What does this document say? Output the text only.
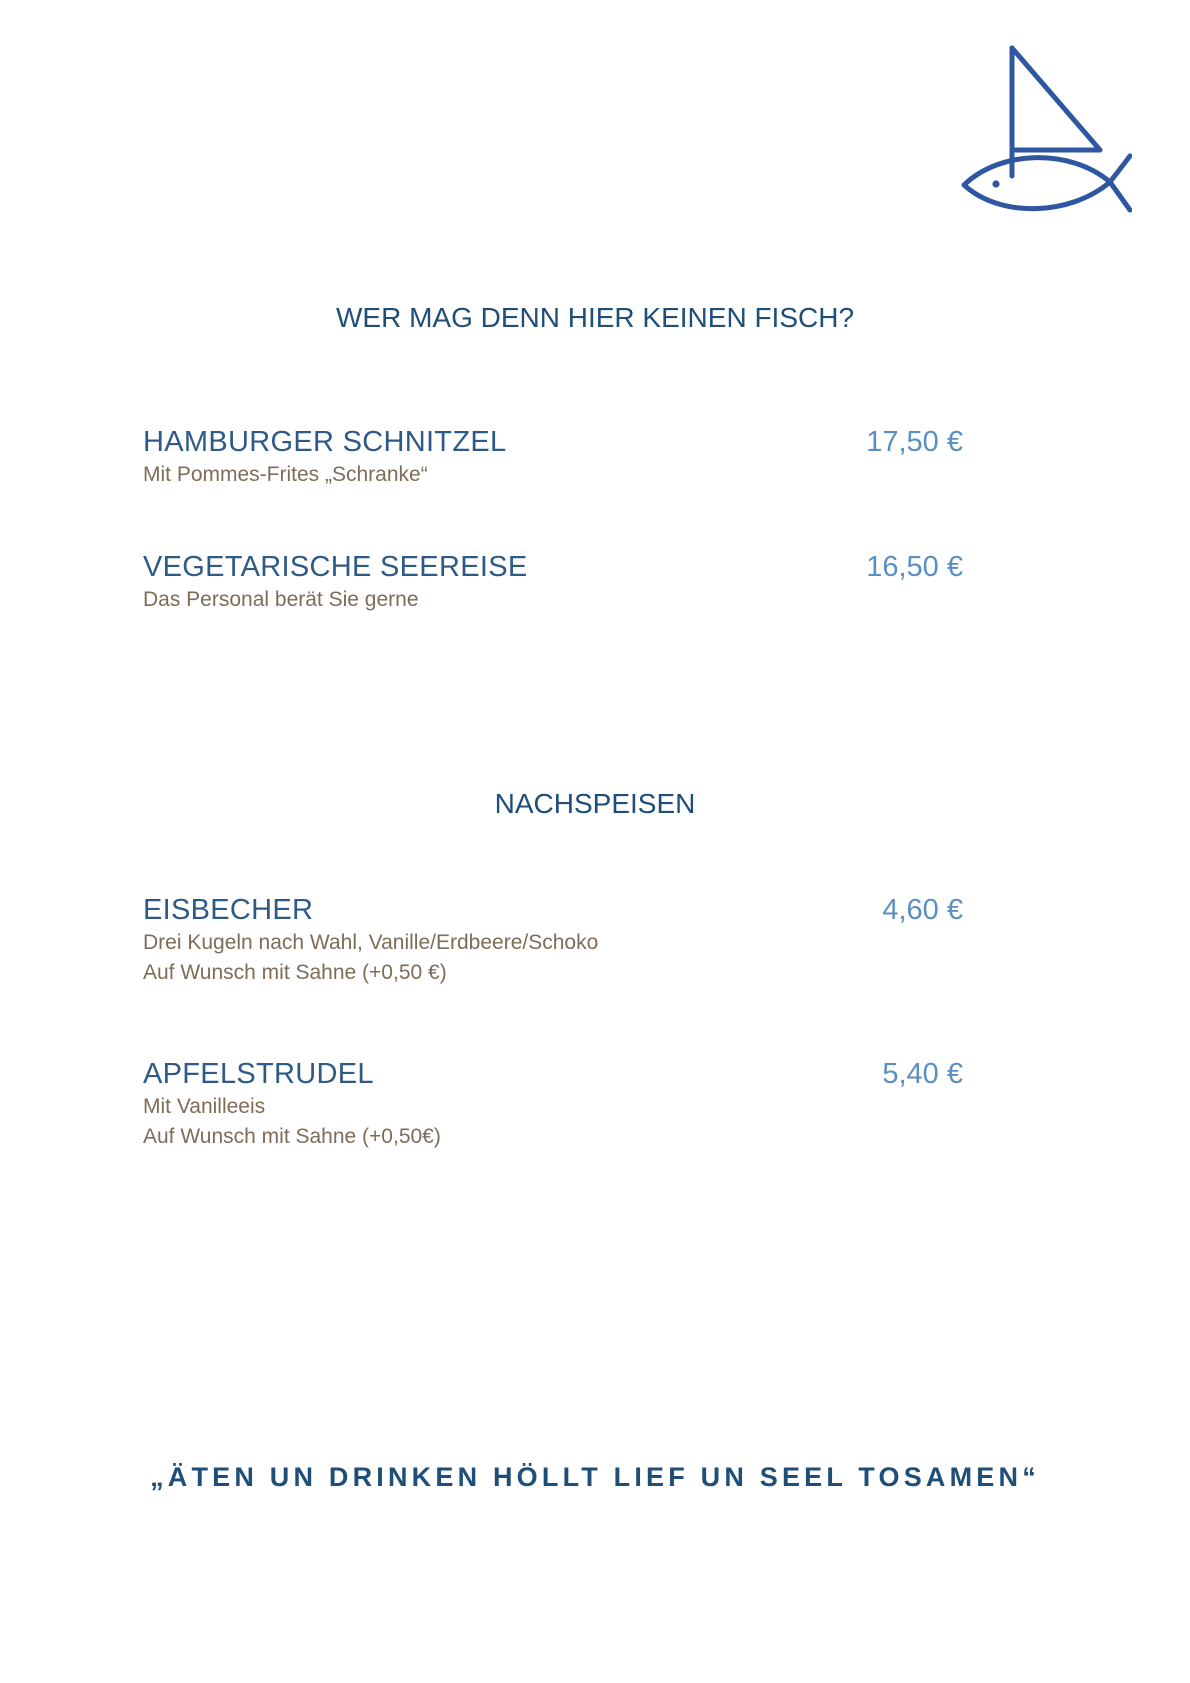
WER MAG DENN HIER KEINEN FISCH?
HAMBURGER SCHNITZEL	17,50 €
Mit Pommes-Frites „Schranke“
VEGETARISCHE SEEREISE	16,50 €
Das Personal berät Sie gerne
NACHSPEISEN
EISBECHER	4,60 €
Drei Kugeln nach Wahl, Vanille/Erdbeere/Schoko
Auf Wunsch mit Sahne (+0,50 €)
APFELSTRUDEL	5,40 €
Mit Vanilleeis
Auf Wunsch mit Sahne (+0,50€)
„ÄTEN UN DRINKEN HÖLLT LIEF UN SEEL TOSAMEN“
